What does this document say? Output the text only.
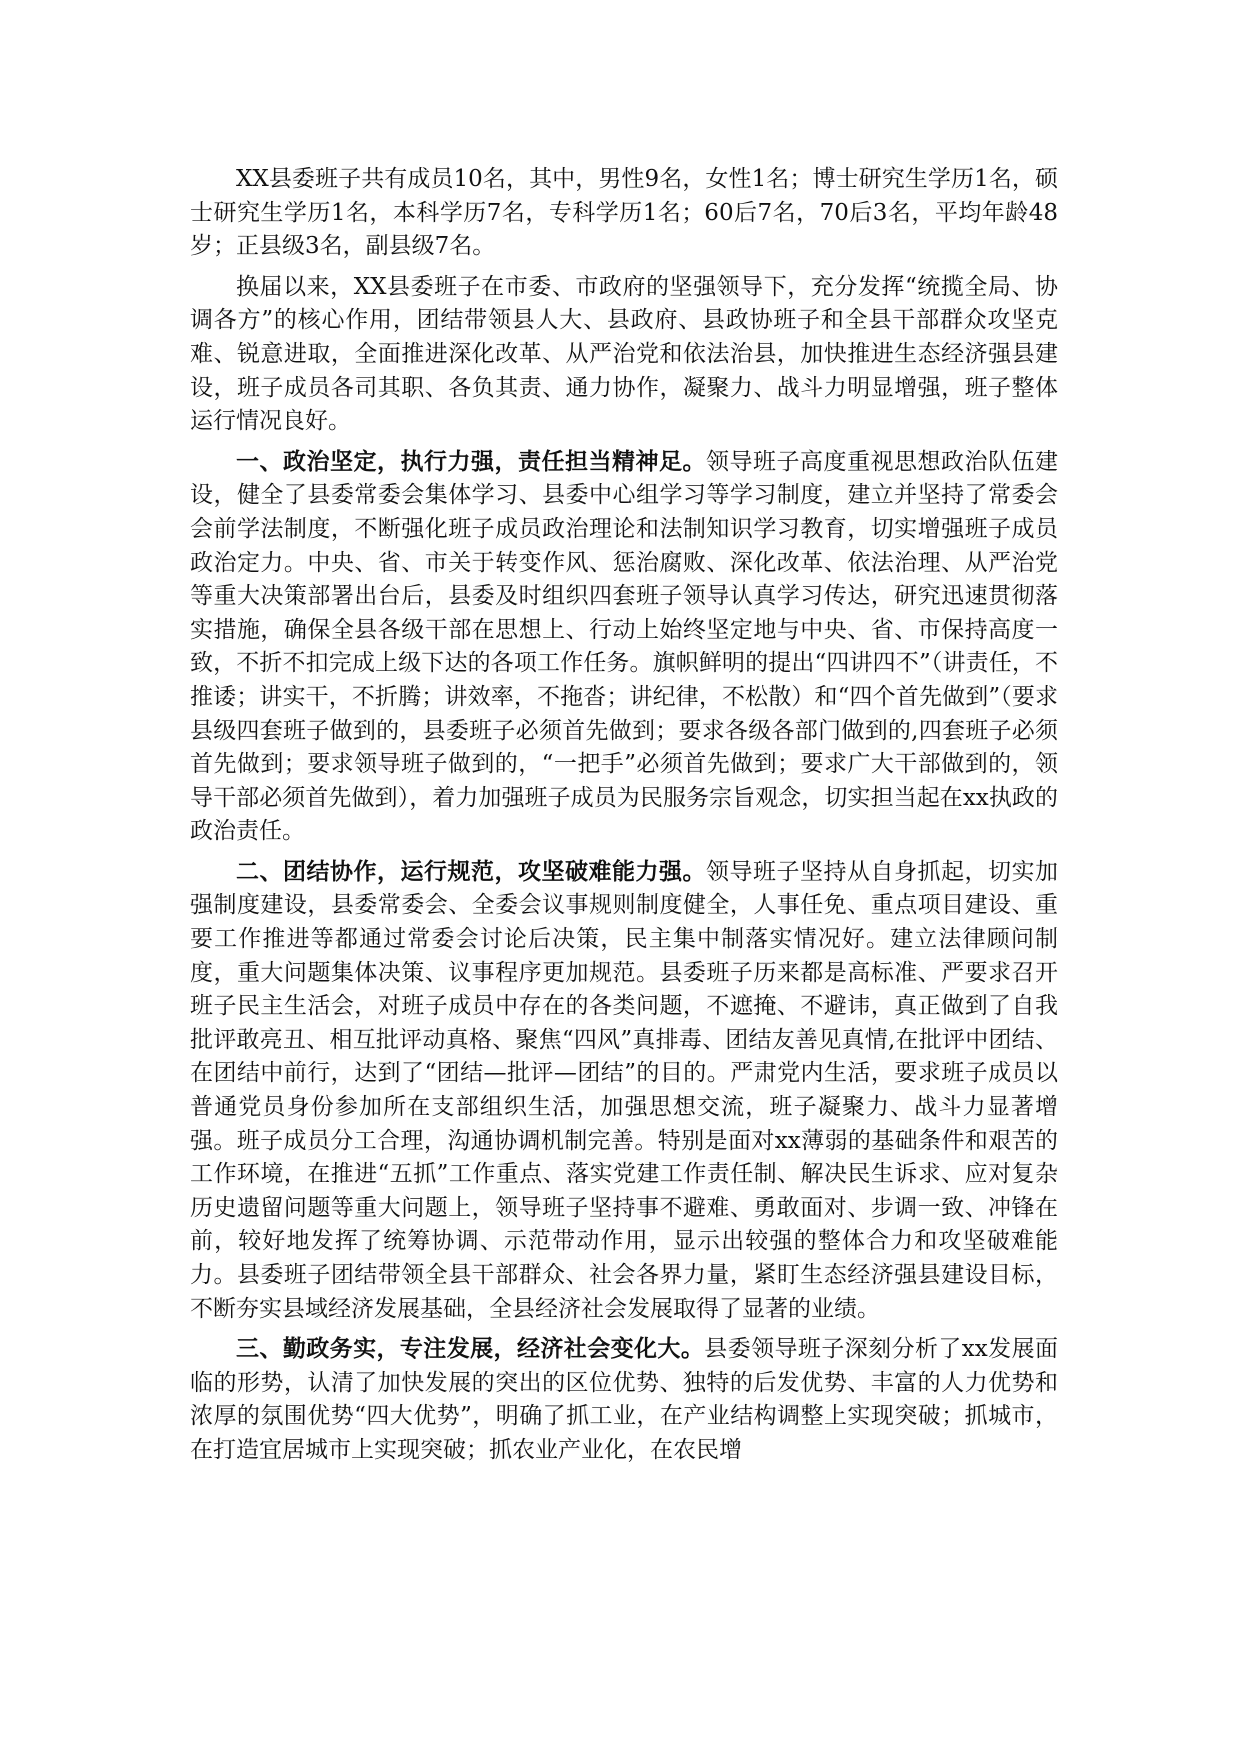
XX县委班子共有成员10名，其中，男性9名，女性1名；博士研究生学历1名，硕士研究生学历1名，本科学历7名，专科学历1名；60后7名，70后3名，平均年龄48岁；正县级3名，副县级7名。

换届以来，XX县委班子在市委、市政府的坚强领导下，充分发挥“统揽全局、协调各方”的核心作用，团结带领县人大、县政府、县政协班子和全县干部群众攻坚克难、锐意进取，全面推进深化改革、从严治党和依法治县，加快推进生态经济强县建设，班子成员各司其职、各负其责、通力协作，凝聚力、战斗力明显增强，班子整体运行情况良好。

一、政治坚定，执行力强，责任担当精神足。领导班子高度重视思想政治队伍建设，健全了县委常委会集体学习、县委中心组学习等学习制度，建立并坚持了常委会会前学法制度，不断强化班子成员政治理论和法制知识学习教育，切实增强班子成员政治定力。中央、省、市关于转变作风、惩治腐败、深化改革、依法治理、从严治党等重大决策部署出台后，县委及时组织四套班子领导认真学习传达，研究迅速贯彻落实措施，确保全县各级干部在思想上、行动上始终坚定地与中央、省、市保持高度一致，不折不扣完成上级下达的各项工作任务。旗帜鲜明的提出“四讲四不”（讲责任，不推诿；讲实干，不折腾；讲效率，不拖沓；讲纪律，不松散）和“四个首先做到”（要求县级四套班子做到的，县委班子必须首先做到；要求各级各部门做到的,四套班子必须首先做到；要求领导班子做到的，“一把手”必须首先做到；要求广大干部做到的，领导干部必须首先做到），着力加强班子成员为民服务宗旨观念，切实担当起在xx执政的政治责任。

二、团结协作，运行规范，攻坚破难能力强。领导班子坚持从自身抓起，切实加强制度建设，县委常委会、全委会议事规则制度健全，人事任免、重点项目建设、重要工作推进等都通过常委会讨论后决策，民主集中制落实情况好。建立法律顾问制度，重大问题集体决策、议事程序更加规范。县委班子历来都是高标准、严要求召开班子民主生活会，对班子成员中存在的各类问题，不遮掩、不避讳，真正做到了自我批评敢亮丑、相互批评动真格、聚焦“四风”真排毒、团结友善见真情,在批评中团结、在团结中前行，达到了“团结—批评—团结”的目的。严肃党内生活，要求班子成员以普通党员身份参加所在支部组织生活，加强思想交流，班子凝聚力、战斗力显著增强。班子成员分工合理，沟通协调机制完善。特别是面对xx薄弱的基础条件和艰苦的工作环境，在推进“五抓”工作重点、落实党建工作责任制、解决民生诉求、应对复杂历史遗留问题等重大问题上，领导班子坚持事不避难、勇敢面对、步调一致、冲锋在前，较好地发挥了统筹协调、示范带动作用，显示出较强的整体合力和攻坚破难能力。县委班子团结带领全县干部群众、社会各界力量，紧盯生态经济强县建设目标，不断夯实县域经济发展基础，全县经济社会发展取得了显著的业绩。

三、勤政务实，专注发展，经济社会变化大。县委领导班子深刻分析了xx发展面临的形势，认清了加快发展的突出的区位优势、独特的后发优势、丰富的人力优势和浓厚的氛围优势“四大优势”，明确了抓工业，在产业结构调整上实现突破；抓城市，在打造宜居城市上实现突破；抓农业产业化，在农民增
